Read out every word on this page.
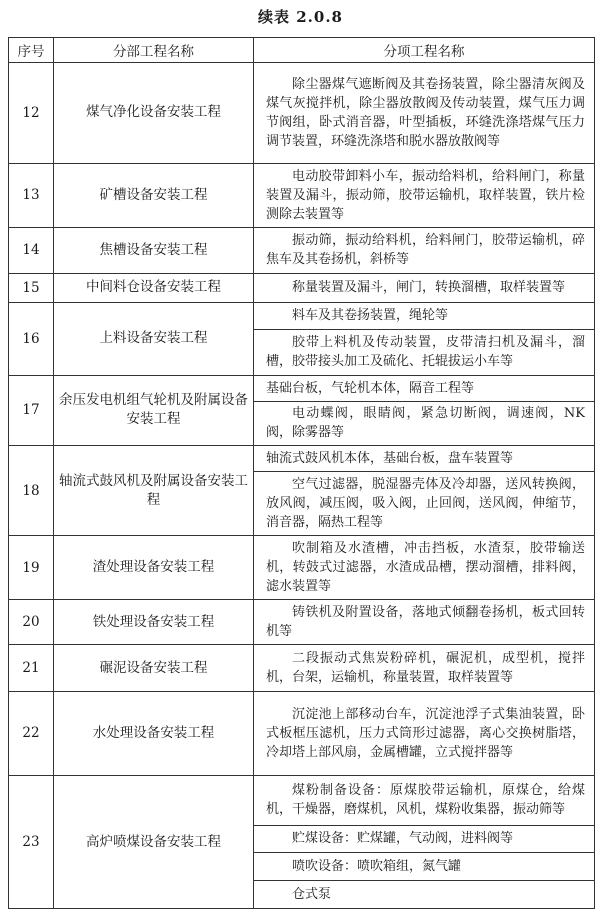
续表 2.0.8
序号	分部工程名称	分项工程名称
12	煤气净化设备安装工程	除尘器煤气遮断阀及其卷扬装置，除尘器清灰阀及煤气灰搅拌机，除尘器放散阀及传动装置，煤气压力调节阀组，卧式消音器，叶型插板，环缝洗涤塔煤气压力调节装置，环缝洗涤塔和脱水器放散阀等
13	矿槽设备安装工程	电动胶带卸料小车，振动给料机，给料闸门，称量装置及漏斗，振动筛，胶带运输机，取样装置，铁片检测除去装置等
14	焦槽设备安装工程	振动筛，振动给料机，给料闸门，胶带运输机，碎焦车及其卷扬机，斜桥等
15	中间料仓设备安装工程	称量装置及漏斗，闸门，转换溜槽，取样装置等
16	上料设备安装工程	料车及其卷扬装置，绳轮等
		胶带上料机及传动装置，皮带清扫机及漏斗，溜槽，胶带接头加工及硫化、托辊拔运小车等
17	余压发电机组气轮机及附属设备安装工程	基础台板，气轮机本体，隔音工程等
		电动蝶阀，眼睛阀，紧急切断阀，调速阀，NK阀，除雾器等
18	轴流式鼓风机及附属设备安装工程	轴流式鼓风机本体，基础台板，盘车装置等
		空气过滤器，脱湿器壳体及冷却器，送风转换阀，放风阀，减压阀，吸入阀，止回阀，送风阀，伸缩节，消音器，隔热工程等
19	渣处理设备安装工程	吹制箱及水渣槽，冲击挡板，水渣泵，胶带输送机，转鼓式过滤器，水渣成品槽，摆动溜槽，排料阀，滤水装置等
20	铁处理设备安装工程	铸铁机及附置设备，落地式倾翻卷扬机，板式回转机等
21	碾泥设备安装工程	二段振动式焦炭粉碎机，碾泥机，成型机，搅拌机，台架，运输机，称量装置，取样装置等
22	水处理设备安装工程	沉淀池上部移动台车，沉淀池浮子式集油装置，卧式板框压滤机，压力式筒形过滤器，离心交换树脂塔，冷却塔上部风扇，金属槽罐，立式搅拌器等
23	高炉喷煤设备安装工程	煤粉制备设备：原煤胶带运输机，原煤仓，给煤机，干燥器，磨煤机，风机，煤粉收集器，振动筛等
		贮煤设备：贮煤罐，气动阀，进料阀等
		喷吹设备：喷吹箱组，氮气罐
		仓式泵
